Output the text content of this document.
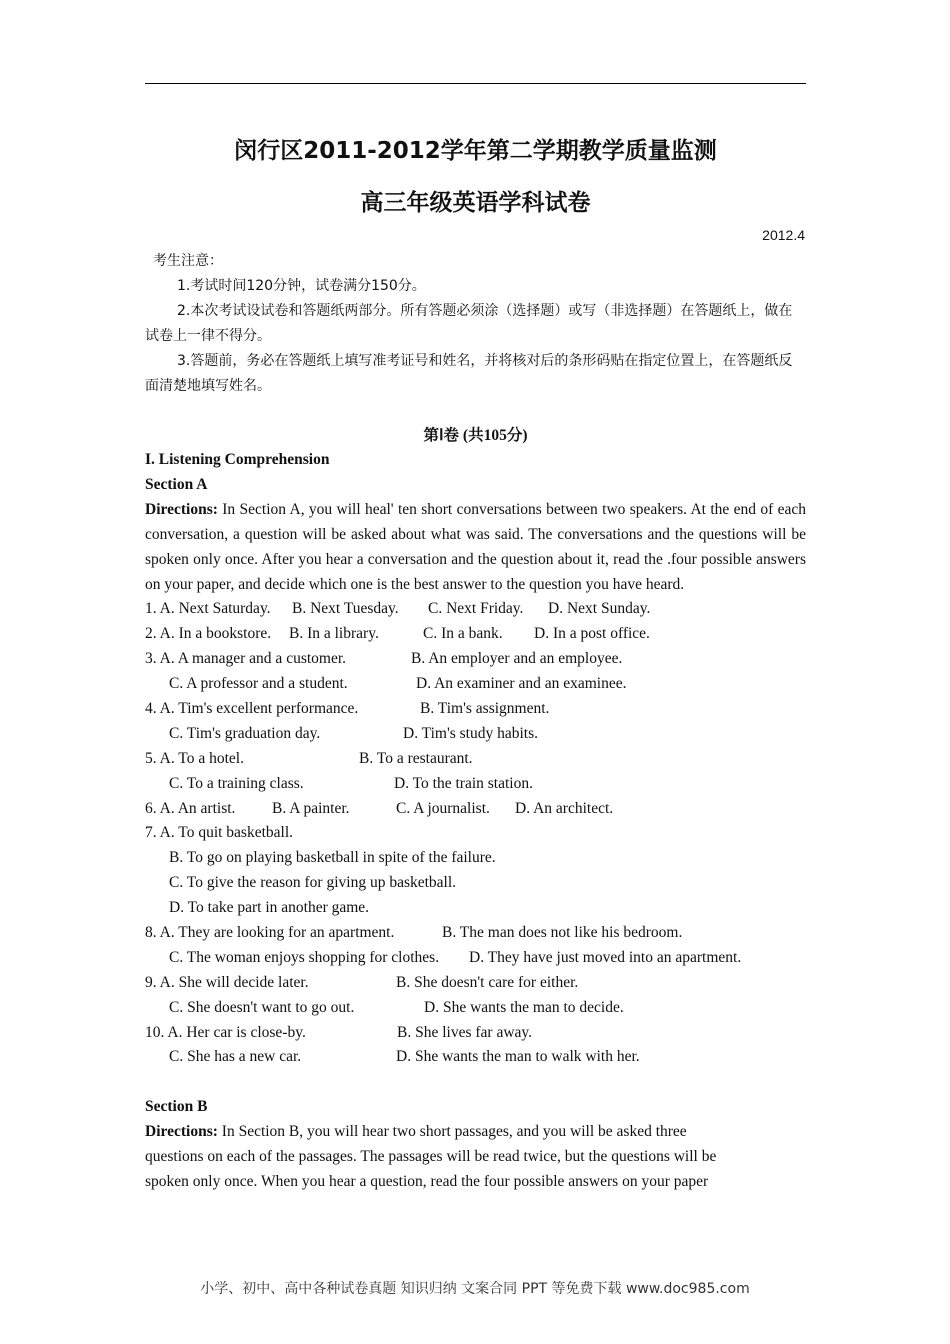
闵行区2011-2012学年第二学期教学质量监测
高三年级英语学科试卷
2012.4

考生注意：

1.考试时间120分钟，试卷满分150分。

2.本次考试设试卷和答题纸两部分。所有答题必须涂（选择题）或写（非选择题）在答题纸上，做在试卷上一律不得分。

3.答题前，务必在答题纸上填写准考证号和姓名，并将核对后的条形码贴在指定位置上，在答题纸反面清楚地填写姓名。

第Ⅰ卷 (共105分)
I. Listening Comprehension
Section A
Directions: In Section A, you will heal' ten short conversations between two speakers. At the end of each conversation, a question will be asked about what was said. The conversations and the questions will be spoken only once. After you hear a conversation and the question about it, read the .four possible answers on your paper, and decide which one is the best answer to the question you have heard.
1. A. Next Saturday. B. Next Tuesday. C. Next Friday. D. Next Sunday.
2. A. In a bookstore. B. In a library.	C. In a bank. D. In a post office.
3. A. A manager and a customer.	B. An employer and an employee.
C. A professor and a student.	D. An examiner and an examinee.
4. A. Tim's excellent performance.	B. Tim's assignment.
C. Tim's graduation day.	D. Tim's study habits.
5. A. To a hotel.	B. To a restaurant.
C. To a training class.	D. To the train station.
6. A. An artist. B. A painter.	C. A journalist. D. An architect.
7. A. To quit basketball.
B. To go on playing basketball in spite of the failure.
C. To give the reason for giving up basketball.
D. To take part in another game.
8. A. They are looking for an apartment.	B. The man does not like his bedroom.
C. The woman enjoys shopping for clothes. D. They have just moved into an apartment.
9. A. She will decide later.	B. She doesn't care for either.
C. She doesn't want to go out.	D. She wants the man to decide.
10. A. Her car is close-by.	B. She lives far away.
C. She has a new car.	D. She wants the man to walk with her.
Section B
Directions: In Section B, you will hear two short passages, and you will be asked three
questions on each of the passages. The passages will be read twice, but the questions will be
spoken only once. When you hear a question, read the four possible answers on your paper
小学、初中、高中各种试卷真题 知识归纳 文案合同 PPT 等免费下载 www.doc985.com
